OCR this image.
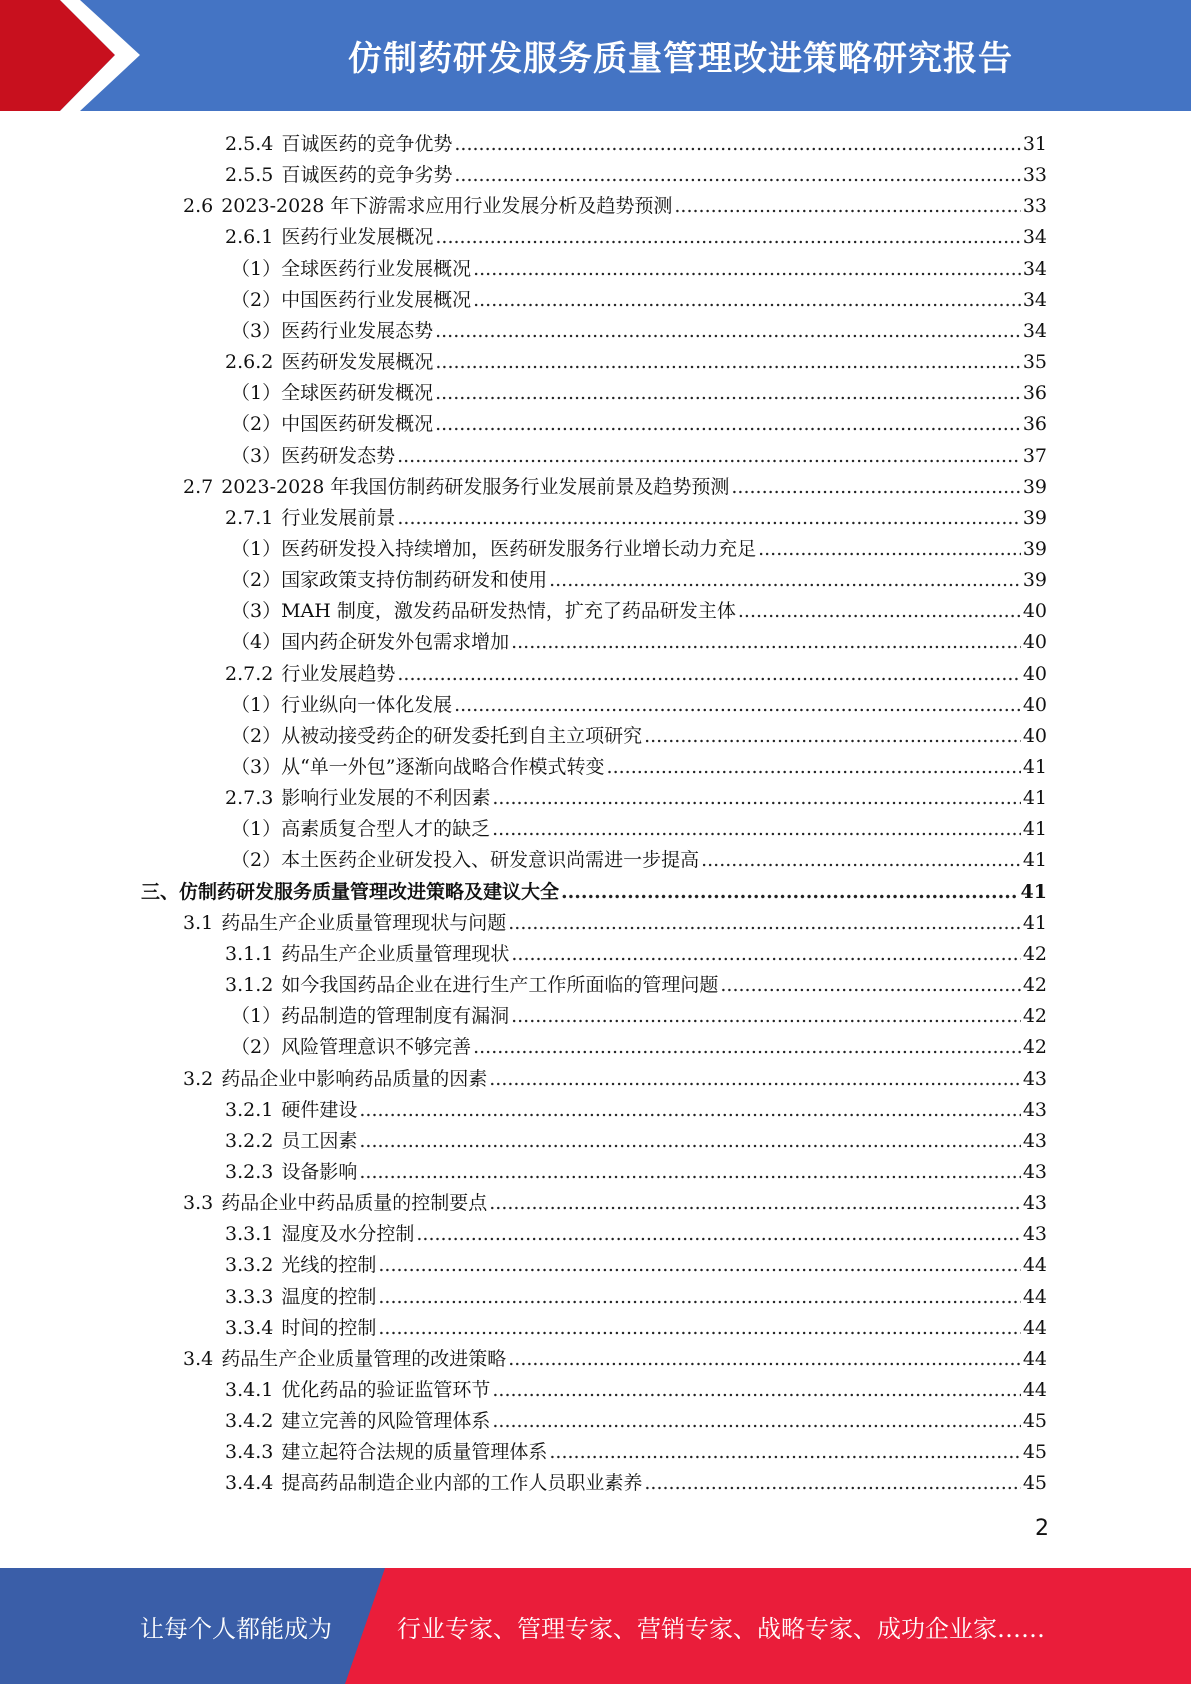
仿制药研发服务质量管理改进策略研究报告
2.5.4 百诚医药的竞争优势 .....	31
2.5.5 百诚医药的竞争劣势 .....	33
2.6 2023-2028 年下游需求应用行业发展分析及趋势预测 .....	33
2.6.1 医药行业发展概况 .....	34
（1）全球医药行业发展概况 .....	34
（2）中国医药行业发展概况 .....	34
（3）医药行业发展态势 .....	34
2.6.2 医药研发发展概况 .....	35
（1）全球医药研发概况 .....	36
（2）中国医药研发概况 .....	36
（3）医药研发态势 .....	37
2.7 2023-2028 年我国仿制药研发服务行业发展前景及趋势预测 .....	39
2.7.1 行业发展前景 .....	39
（1）医药研发投入持续增加，医药研发服务行业增长动力充足 .....	39
（2）国家政策支持仿制药研发和使用 .....	39
（3）MAH 制度，激发药品研发热情，扩充了药品研发主体 .....	40
（4）国内药企研发外包需求增加 .....	40
2.7.2 行业发展趋势 .....	40
（1）行业纵向一体化发展 .....	40
（2）从被动接受药企的研发委托到自主立项研究 .....	40
（3）从“单一外包”逐渐向战略合作模式转变 .....	41
2.7.3 影响行业发展的不利因素 .....	41
（1）高素质复合型人才的缺乏 .....	41
（2）本土医药企业研发投入、研发意识尚需进一步提高 .....	41
三、仿制药研发服务质量管理改进策略及建议大全 .....	41
3.1 药品生产企业质量管理现状与问题 .....	41
3.1.1 药品生产企业质量管理现状 .....	42
3.1.2 如今我国药品企业在进行生产工作所面临的管理问题 .....	42
（1）药品制造的管理制度有漏洞 .....	42
（2）风险管理意识不够完善 .....	42
3.2 药品企业中影响药品质量的因素 .....	43
3.2.1 硬件建设 .....	43
3.2.2 员工因素 .....	43
3.2.3 设备影响 .....	43
3.3 药品企业中药品质量的控制要点 .....	43
3.3.1 湿度及水分控制 .....	43
3.3.2 光线的控制 .....	44
3.3.3 温度的控制 .....	44
3.3.4 时间的控制 .....	44
3.4 药品生产企业质量管理的改进策略 .....	44
3.4.1 优化药品的验证监管环节 .....	44
3.4.2 建立完善的风险管理体系 .....	45
3.4.3 建立起符合法规的质量管理体系 .....	45
3.4.4 提高药品制造企业内部的工作人员职业素养 .....	45
2
让每个人都能成为	行业专家、管理专家、营销专家、战略专家、成功企业家……
